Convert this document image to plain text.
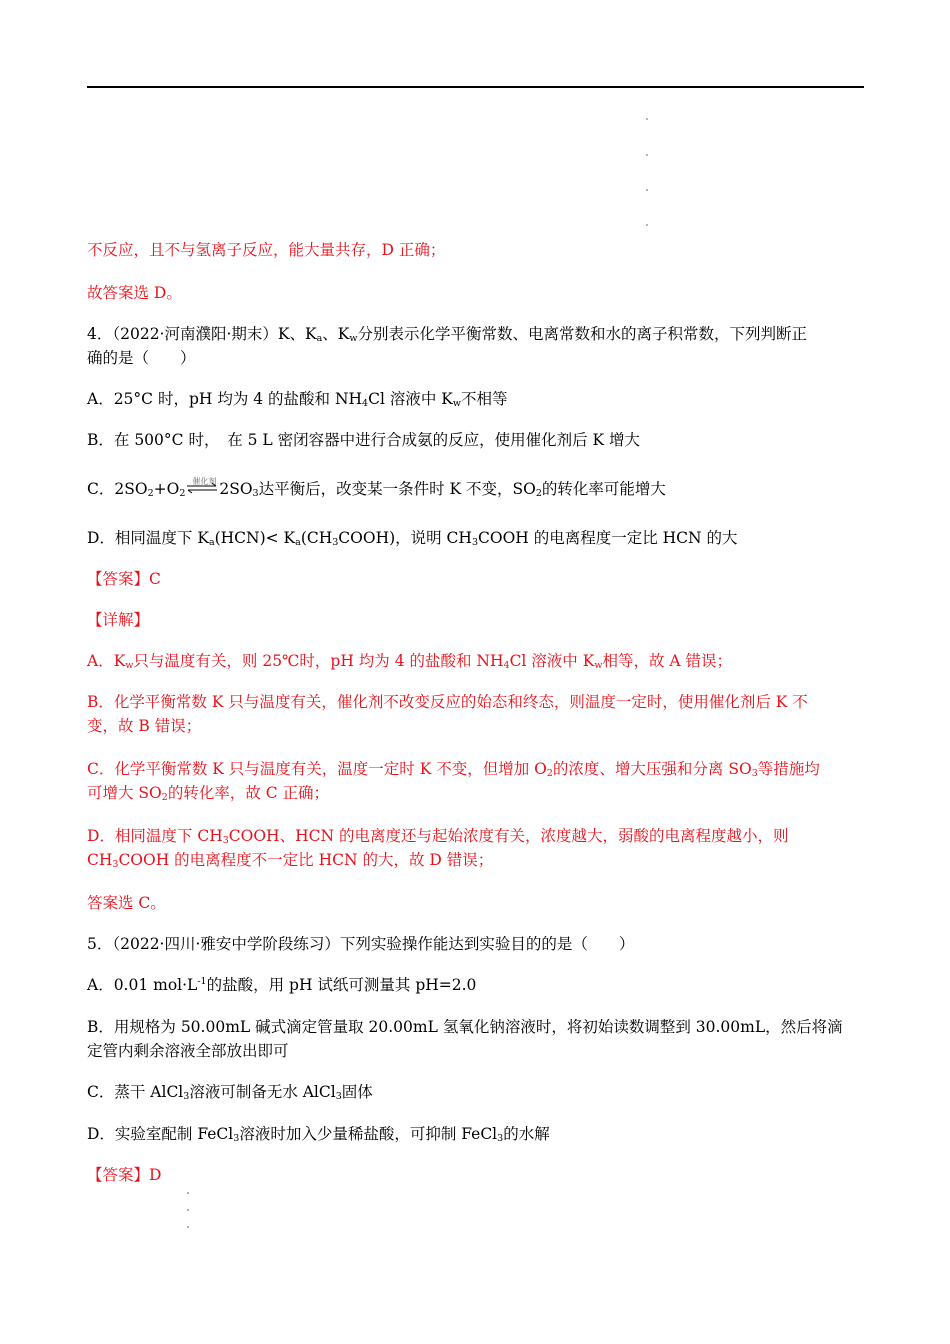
不反应，且不与氢离子反应，能大量共存，D 正确；
故答案选 D。
4．（2022·河南濮阳·期末）K、$K_a$、$K_w$分别表示化学平衡常数、电离常数和水的离子积常数，下列判断正
确的是（　　）
A．25°C 时，pH 均为 4 的盐酸和 $NH_4Cl$ 溶液中 $K_w$不相等
B．在 500°C 时，　在 5 L 密闭容器中进行合成氨的反应，使用催化剂后 K 增大
C．$2SO_2+O_2$
催化剂 $2SO_3$达平衡后，改变某一条件时 K 不变，$SO_2$的转化率可能增大
D．相同温度下 $K_a(HCN)<$ $K_a(CH_3COOH)$，说明 $CH_3COOH$ 的电离程度一定比 HCN 的大
【答案】C
【详解】
A．$K_w$只与温度有关，则 25℃时，pH 均为 4 的盐酸和 $NH_4Cl$ 溶液中 $K_w$相等，故 A 错误；
B．化学平衡常数 K 只与温度有关，催化剂不改变反应的始态和终态，则温度一定时，使用催化剂后 K 不
变，故 B 错误；
C．化学平衡常数 K 只与温度有关，温度一定时 K 不变，但增加 $O_2$的浓度、增大压强和分离 $SO_3$等措施均
可增大 $SO_2$的转化率，故 C 正确；
D．相同温度下 $CH_3COOH$、HCN 的电离度还与起始浓度有关，浓度越大，弱酸的电离程度越小，则
$CH_3COOH$ 的电离程度不一定比 HCN 的大，故 D 错误；
答案选 C。
5．（2022·四川·雅安中学阶段练习）下列实验操作能达到实验目的的是（　　）
A．0.01 $mol\cdot L^{-1}$的盐酸，用 pH 试纸可测量其 pH=2.0
B．用规格为 50.00mL 碱式滴定管量取 20.00mL 氢氧化钠溶液时，将初始读数调整到 30.00mL，然后将滴
定管内剩余溶液全部放出即可
C．蒸干 AlCl$_3$溶液可制备无水 AlCl$_3$固体
D．实验室配制 FeCl$_3$溶液时加入少量稀盐酸，可抑制 FeCl$_3$的水解
【答案】D
